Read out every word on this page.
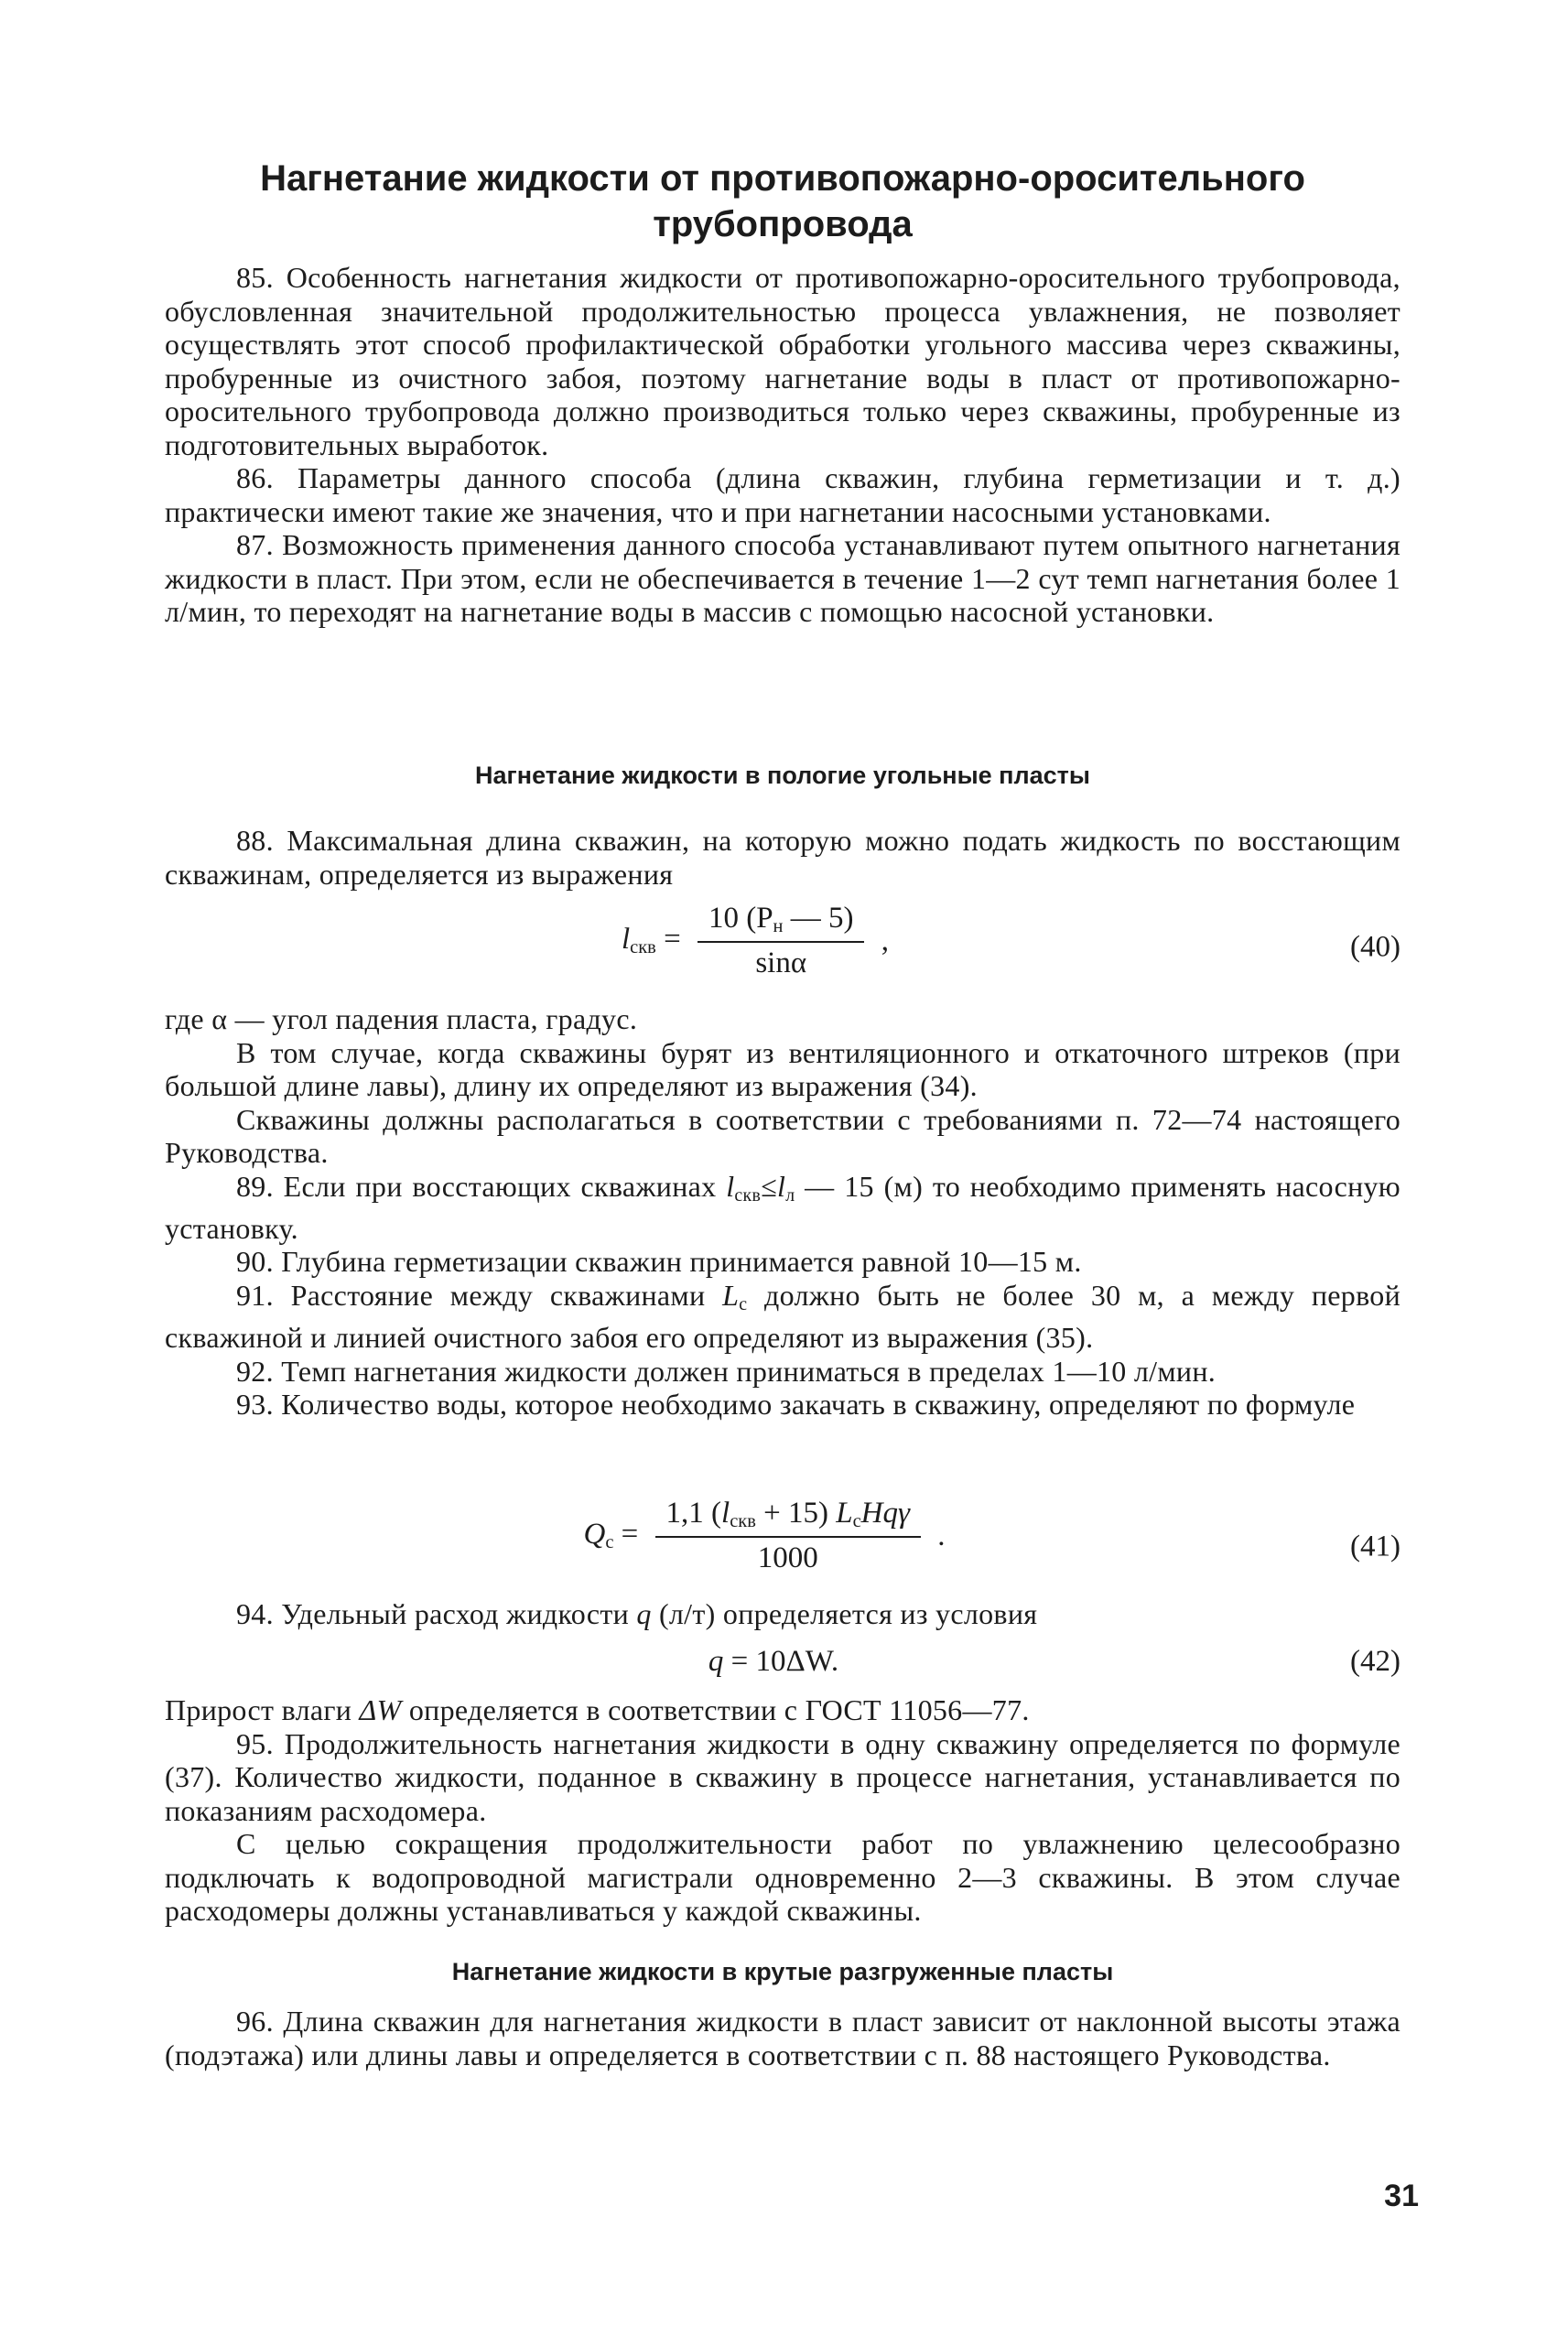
Нагнетание жидкости от противопожарно-оросительного

трубопровода

85. Особенность нагнетания жидкости от противопожарно-оросительного трубопровода, обусловленная значительной продолжительностью процесса увлажнения, не позволяет осуществлять этот способ профилактической обработки угольного массива через скважины, пробуренные из очистного забоя, поэтому нагнетание воды в пласт от противопожарно-оросительного трубопровода должно производиться только через скважины, пробуренные из подготовительных выработок.

86. Параметры данного способа (длина скважин, глубина герметизации и т. д.) практически имеют такие же значения, что и при нагнетании насосными установками.

87. Возможность применения данного способа устанавливают путем опытного нагнетания жидкости в пласт. При этом, если не обеспечивается в течение 1—2 сут темп нагнетания более 1 л/мин, то переходят на нагнетание воды в массив с помощью насосной установки.

Нагнетание жидкости в пологие угольные пласты

88. Максимальная длина скважин, на которую можно подать жидкость по восстающим скважинам, определяется из выражения

$l_{скв} = \frac{10 (P_н — 5)}{\sin\alpha}$ ,	(40)

где α — угол падения пласта, градус.

В том случае, когда скважины бурят из вентиляционного и откаточного штреков (при большой длине лавы), длину их определяют из выражения (34).

Скважины должны располагаться в соответствии с требованиями п. 72—74 настоящего Руководства.

89. Если при восстающих скважинах $l_{скв}\le l_л$ — 15 (м) то необходимо применять насосную установку.

90. Глубина герметизации скважин принимается равной 10—15 м.

91. Расстояние между скважинами $L_с$ должно быть не более 30 м, а между первой скважиной и линией очистного забоя его определяют из выражения (35).

92. Темп нагнетания жидкости должен приниматься в пределах 1—10 л/мин.

93. Количество воды, которое необходимо закачать в скважину, определяют по формуле

$Q_с = \frac{1,1 (l_{скв} + 15) L_сHq\gamma}{1000}$ .	(41)

94. Удельный расход жидкости q (л/т) определяется из условия

q = 10ΔW.	(42)

Прирост влаги ΔW определяется в соответствии с ГОСТ 11056—77.

95. Продолжительность нагнетания жидкости в одну скважину определяется по формуле (37). Количество жидкости, поданное в скважину в процессе нагнетания, устанавливается по показаниям расходомера.

С целью сокращения продолжительности работ по увлажнению целесообразно подключать к водопроводной магистрали одновременно 2—3 скважины. В этом случае расходомеры должны устанавливаться у каждой скважины.

Нагнетание жидкости в крутые разгруженные пласты

96. Длина скважин для нагнетания жидкости в пласт зависит от наклонной высоты этажа (подэтажа) или длины лавы и определяется в соответствии с п. 88 настоящего Руководства.

31
